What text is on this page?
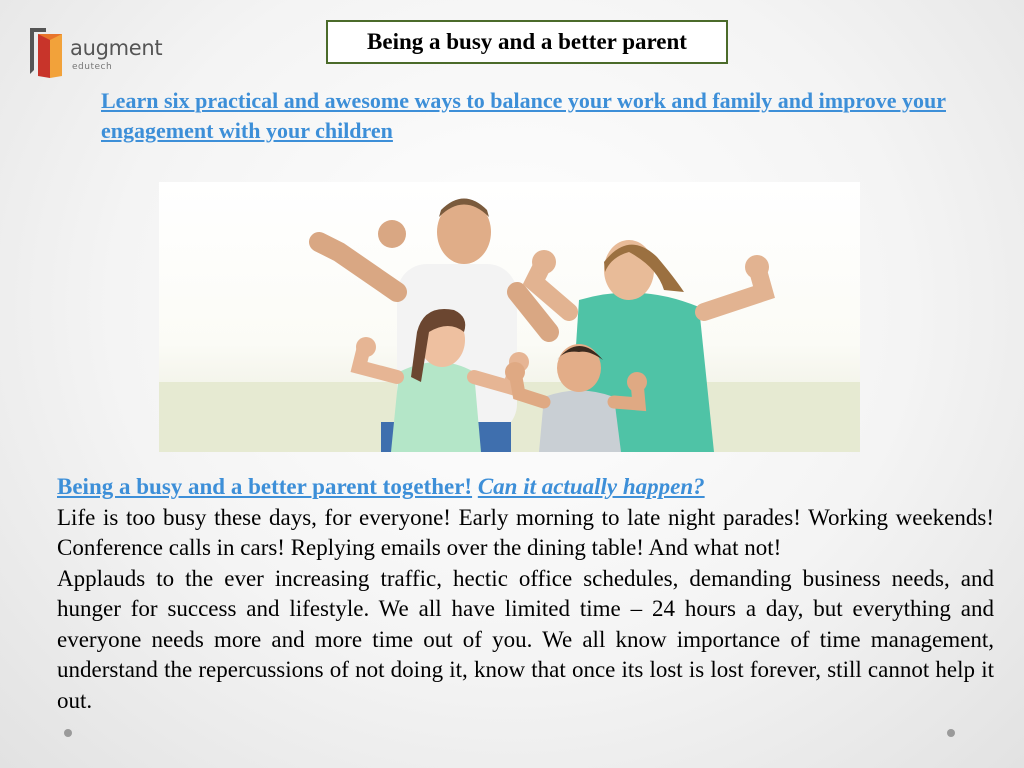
augment
edutech
Being a busy and a better parent
Learn six practical and awesome ways to balance your work and family and improve your engagement with your children
Being a busy and a better parent together! Can it actually happen?

Life is too busy these days, for everyone! Early morning to late night parades! Working weekends! Conference calls in cars! Replying emails over the dining table! And what not!

Applauds to the ever increasing traffic, hectic office schedules, demanding business needs, and hunger for success and lifestyle. We all have limited time – 24 hours a day, but everything and everyone needs more and more time out of you. We all know importance of time management, understand the repercussions of not doing it, know that once its lost is lost forever, still cannot help it out.
